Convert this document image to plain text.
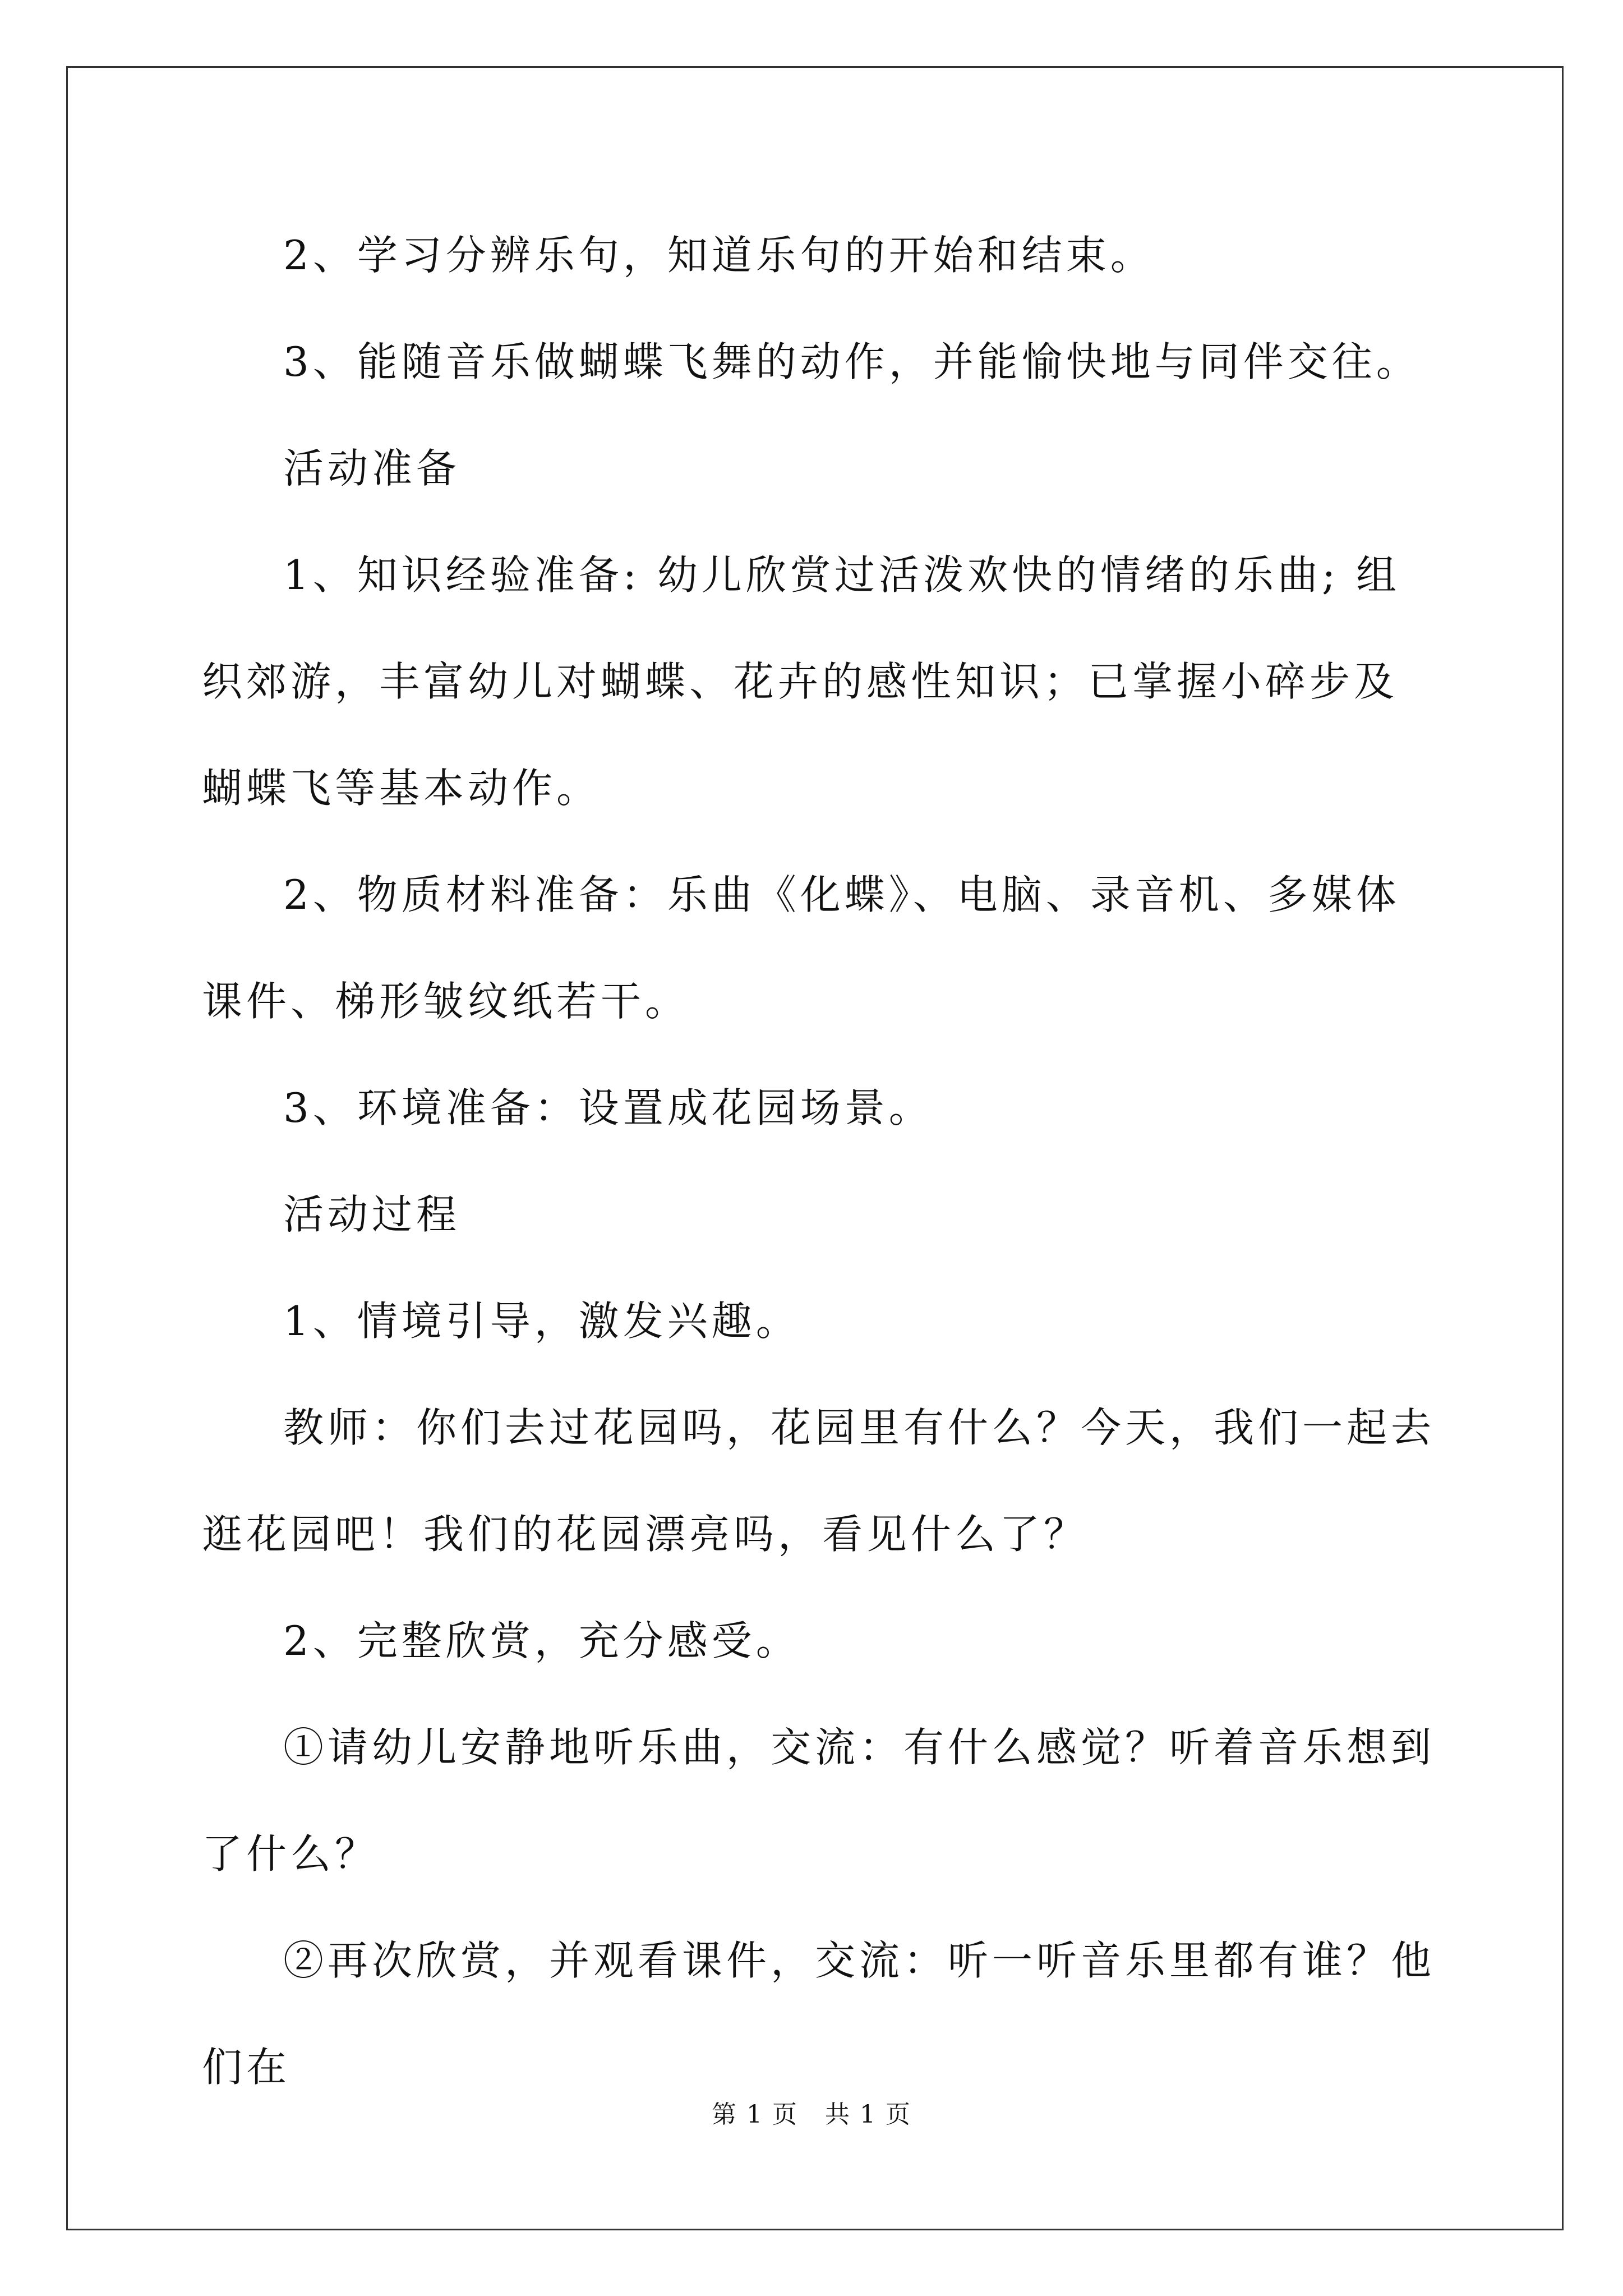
2、学习分辨乐句，知道乐句的开始和结束。

3、能随音乐做蝴蝶飞舞的动作，并能愉快地与同伴交往。

活动准备

1、知识经验准备: 幼儿欣赏过活泼欢快的情绪的乐曲; 组织郊游，丰富幼儿对蝴蝶、花卉的感性知识；已掌握小碎步及蝴蝶飞等基本动作。

2、物质材料准备：乐曲《化蝶》、电脑、录音机、多媒体课件、梯形皱纹纸若干。

3、环境准备：设置成花园场景。

活动过程

1、情境引导，激发兴趣。

教师：你们去过花园吗，花园里有什么？今天，我们一起去逛花园吧！我们的花园漂亮吗，看见什么了？

2、完整欣赏，充分感受。

①请幼儿安静地听乐曲，交流：有什么感觉？听着音乐想到了什么？

②再次欣赏，并观看课件，交流：听一听音乐里都有谁？他们在

第 1 页 共 1 页
